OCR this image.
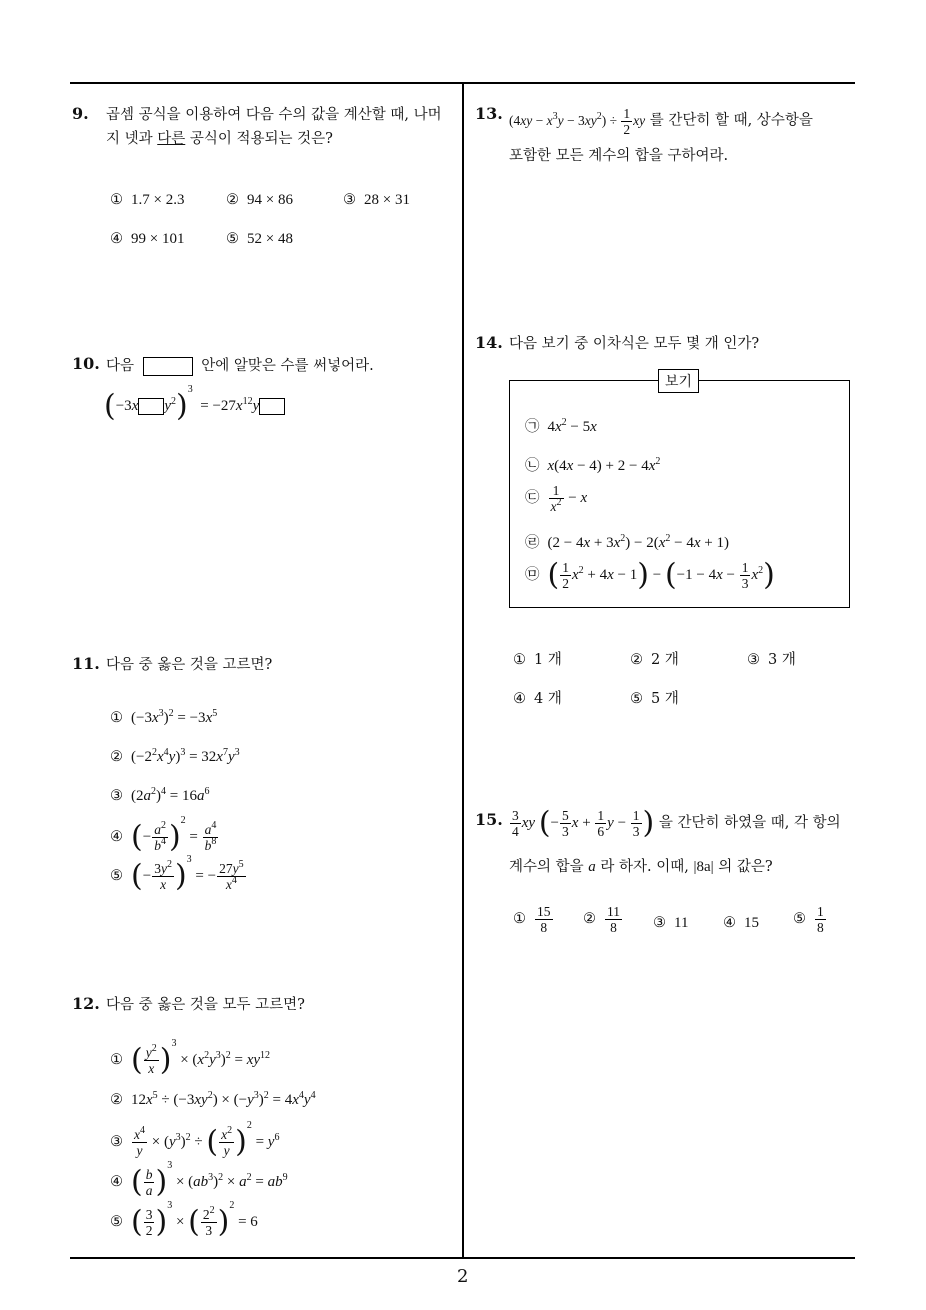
9. 곱셈 공식을 이용하여 다음 수의 값을 계산할 때, 나머
지 넷과 다른 공식이 적용되는 것은?
① 1.7 × 2.3	② 94 × 86	③ 28 × 31
④ 99 × 101	⑤ 52 × 48
10. 다음	안에 알맞은 수를 써넣어라.
(−3x $y^2)^3 = -27x^{12}y$
11. 다음 중 옳은 것을 고르면?
① $(-3x^3)^2 = -3x^5$
② $(-2^2x^4y)^3 = 32x^7y^3$
③ $(2a^2)^4 = 16a^6$
④ (− $\frac{a^2}{b^4} )^2 = \frac{a^4}{b^8}$
⑤ (− $\frac{3y^2}{x} )^3$ = − $\frac{27y^5}{x^4}$
12. 다음 중 옳은 것을 모두 고르면?
① ( $\frac{y^2}{x} )^3 \times (x^2y^3)^2 = xy^{12}$
② $12x^5 \div (-3xy^2) \times (-y^3)^2 = 4x^4y^4$
③ $\frac{x^4}{y} \times (y^3)^2$ ÷ ( $\frac{x^2}{y} )^2 = y^6$
④ ( $\frac{b}{a} )^3 \times (ab^3)^2 \times a^2 = ab^9$
⑤ ( $\frac{3}{2} )^3$ × ( $\frac{2^2}{3} )^2 = 6$
13. $(4xy - x^3y - 3xy^2) \div \frac{1}{2}$ xy 를 간단히 할 때, 상수항을
포함한 모든 계수의 합을 구하여라.
14. 다음 보기 중 이차식은 모두 몇 개 인가?
보기
㉠ $4x^2 - 5x$
㉡ $x(4x - 4) + 2 - 4x^2$
㉢ $\frac{1}{x^2} - x$
㉣ $(2 - 4x + 3x^2) - 2(x^2 - 4x + 1)$
㉤ ( $\frac{1}{2} x^2 + 4x - 1) - (-1 - 4x - \frac{1}{3} x^2)$
① 1 개	② 2 개	③ 3 개
④ 4 개	⑤ 5 개
15. $\frac{3}{4}$ xy (− $\frac{5}{3}$ $x + \frac{1}{6}$ $y - \frac{1}{3}$ ) 을 간단히 하였을 때, 각 항의
계수의 합을 a 라 하자. 이때, |8a| 의 값은?
① $\frac{15}{8}$ ② $\frac{11}{8}$ ③ 11 ④ 15 ⑤ $\frac{1}{8}$
2
